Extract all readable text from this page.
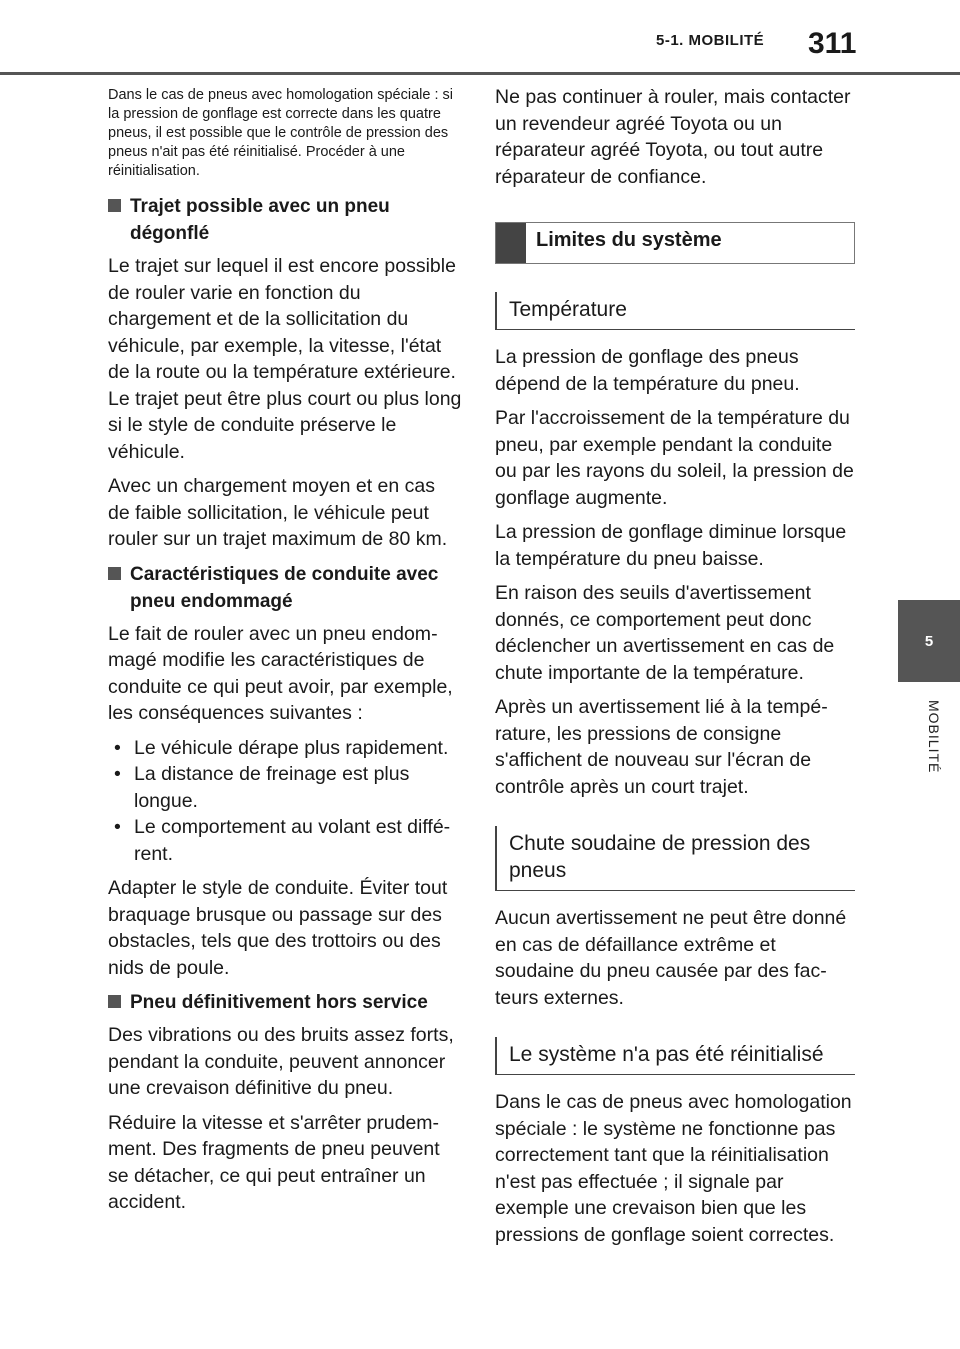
5-1. MOBILITÉ	311
5
MOBILITÉ

Dans le cas de pneus avec homologation spéciale : si la pression de gonflage est correcte dans les quatre pneus, il est possible que le contrôle de pression des pneus n'ait pas été réinitialisé. Procéder à une réinitialisation.

Trajet possible avec un pneu dégonflé

Le trajet sur lequel il est encore possible de rouler varie en fonction du chargement et de la sollicitation du véhicule, par exemple, la vitesse, l'état de la route ou la température extérieure. Le trajet peut être plus court ou plus long si le style de conduite préserve le véhicule.

Avec un chargement moyen et en cas de faible sollicitation, le véhicule peut rouler sur un trajet maximum de 80 km.

Caractéristiques de conduite avec pneu endommagé

Le fait de rouler avec un pneu endommagé modifie les caractéristiques de conduite ce qui peut avoir, par exemple, les conséquences suivantes :

• Le véhicule dérape plus rapidement.
• La distance de freinage est plus longue.
• Le comportement au volant est différent.

Adapter le style de conduite. Éviter tout braquage brusque ou passage sur des obstacles, tels que des trottoirs ou des nids de poule.

Pneu définitivement hors service

Des vibrations ou des bruits assez forts, pendant la conduite, peuvent annoncer une crevaison définitive du pneu.

Réduire la vitesse et s'arrêter prudemment. Des fragments de pneu peuvent se détacher, ce qui peut entraîner un accident.

Ne pas continuer à rouler, mais contacter un revendeur agréé Toyota ou un réparateur agréé Toyota, ou tout autre réparateur de confiance.

Limites du système
Température

La pression de gonflage des pneus dépend de la température du pneu.

Par l'accroissement de la température du pneu, par exemple pendant la conduite ou par les rayons du soleil, la pression de gonflage augmente.

La pression de gonflage diminue lorsque la température du pneu baisse.

En raison des seuils d'avertissement donnés, ce comportement peut donc déclencher un avertissement en cas de chute importante de la température.

Après un avertissement lié à la température, les pressions de consigne s'affichent de nouveau sur l'écran de contrôle après un court trajet.

Chute soudaine de pression des pneus

Aucun avertissement ne peut être donné en cas de défaillance extrême et soudaine du pneu causée par des facteurs externes.

Le système n'a pas été réinitialisé

Dans le cas de pneus avec homologation spéciale : le système ne fonctionne pas correctement tant que la réinitialisation n'est pas effectuée ; il signale par exemple une crevaison bien que les pressions de gonflage soient correctes.
